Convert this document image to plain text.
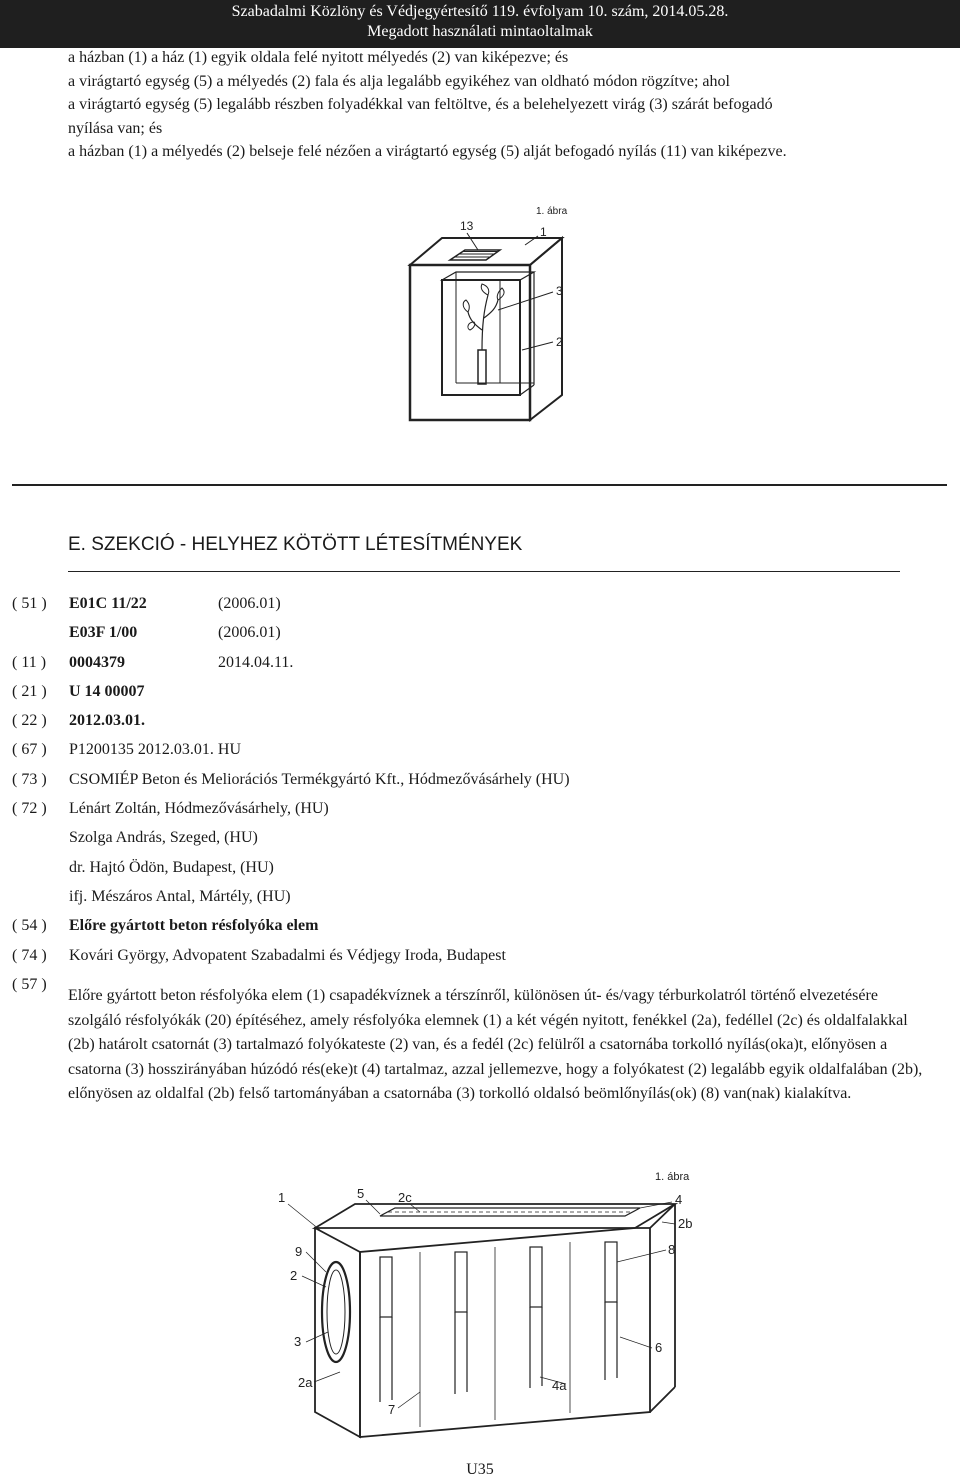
Szabadalmi Közlöny és Védjegyértesítő 119. évfolyam 10. szám, 2014.05.28.
Megadott használati mintaoltalmak

a házban (1) a ház (1) egyik oldala felé nyitott mélyedés (2) van kiképezve; és

a virágtartó egység (5) a mélyedés (2) fala és alja legalább egyikéhez van oldható módon rögzítve; ahol

a virágtartó egység (5) legalább részben folyadékkal van feltöltve, és a belehelyezett virág (3) szárát befogadó

nyílása van; és

a házban (1) a mélyedés (2) belseje felé nézően a virágtartó egység (5) alját befogadó nyílás (11) van kiképezve.

1. ábra
13	1
3
2
E. SZEKCIÓ - HELYHEZ KÖTÖTT LÉTESÍTMÉNYEK
( 51 ) E01C 11/22	(2006.01)
E03F 1/00	(2006.01)
( 11 ) 0004379	2014.04.11.
( 21 ) U 14 00007
( 22 ) 2012.03.01.
( 67 ) P1200135 2012.03.01. HU
( 73 ) CSOMIÉP Beton és Meliorációs Termékgyártó Kft., Hódmezővásárhely (HU)
( 72 ) Lénárt Zoltán, Hódmezővásárhely, (HU)
Szolga András, Szeged, (HU)
dr. Hajtó Ödön, Budapest, (HU)
ifj. Mészáros Antal, Mártély, (HU)
( 54 ) Előre gyártott beton résfolyóka elem
( 74 ) Kovári György, Advopatent Szabadalmi és Védjegy Iroda, Budapest
( 57 )
Előre gyártott beton résfolyóka elem (1) csapadékvíznek a térszínről, különösen út- és/vagy térburkolatról történő elvezetésére szolgáló résfolyókák (20) építéséhez, amely résfolyóka elemnek (1) a két végén nyitott, fenékkel (2a), fedéllel (2c) és oldalfalakkal (2b) határolt csatornát (3) tartalmazó folyókateste (2) van, és a fedél (2c) felülről a csatornába torkolló nyílás(oka)t, előnyösen a csatorna (3) hosszirányában húzódó rés(eke)t (4) tartalmaz, azzal jellemezve, hogy a folyókatest (2) legalább egyik oldalfalában (2b), előnyösen az oldalfal (2b) felső tartományában a csatornába (3) torkolló oldalsó beömlőnyílás(ok) (8) van(nak) kialakítva.
1. ábra
1	5	2c	4
2b
9	8
2
3	6
2a	4a
7
U35
